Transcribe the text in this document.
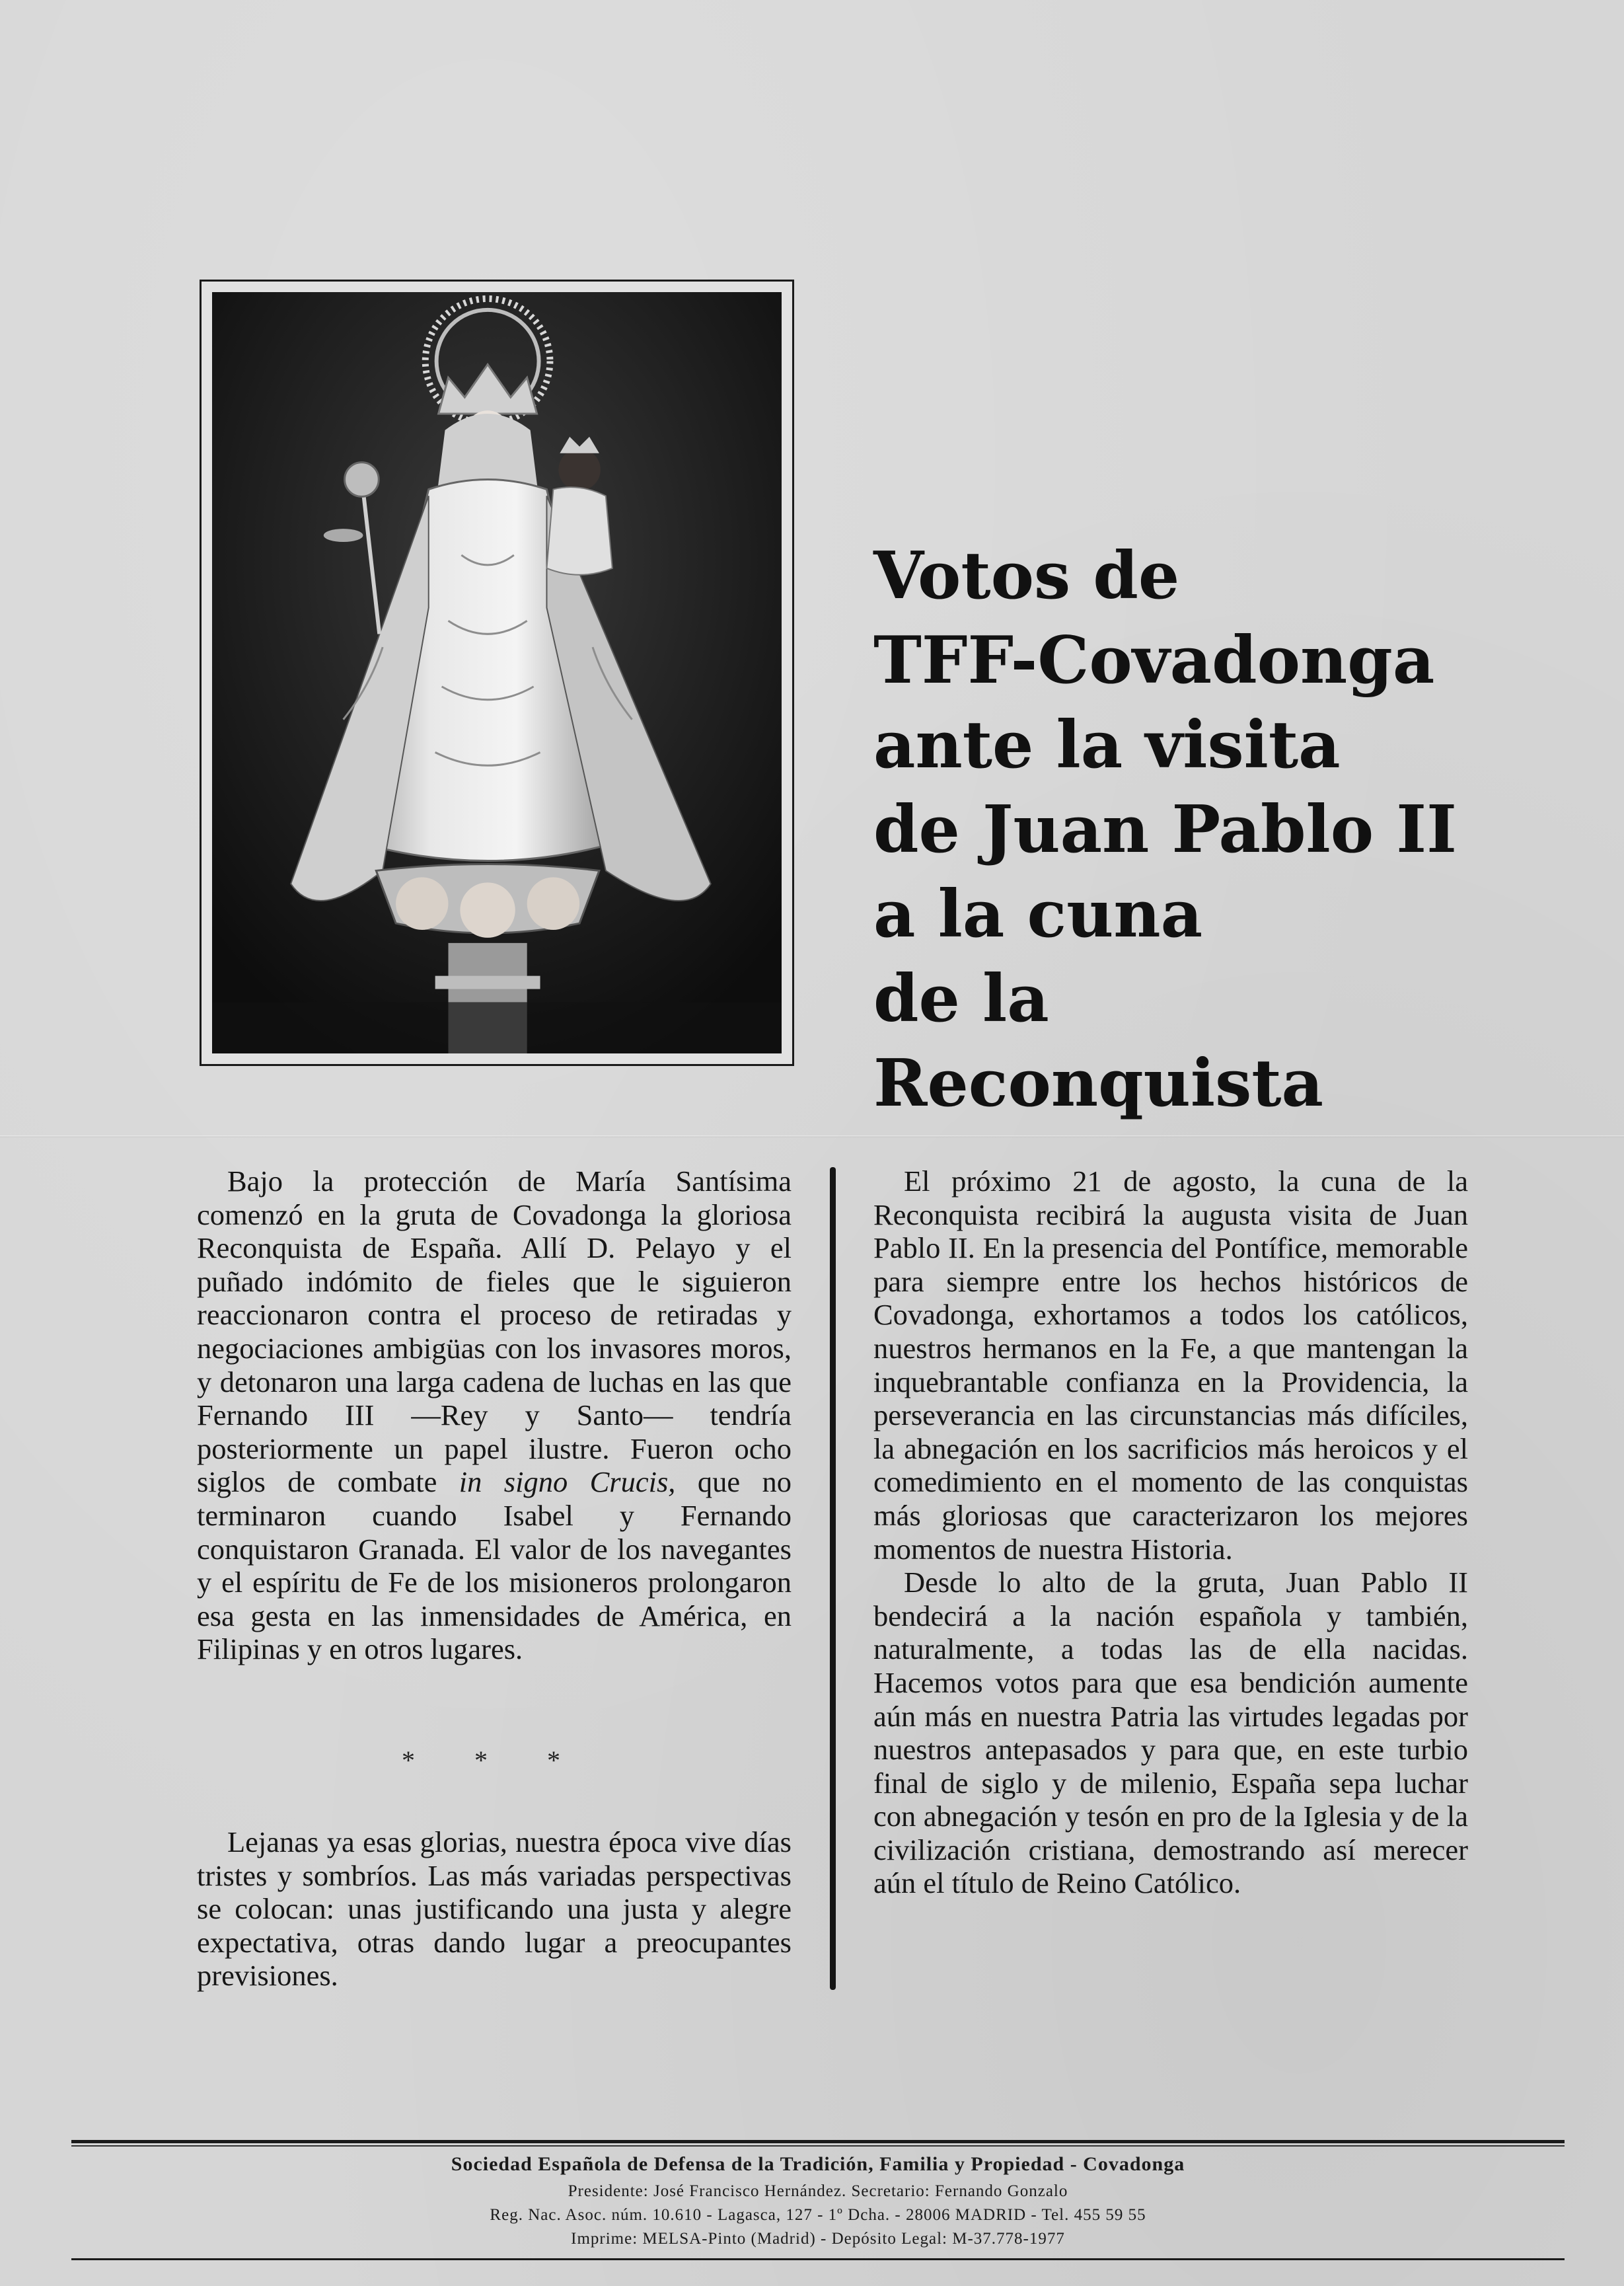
Votos de
TFF-Covadonga
ante la visita
de Juan Pablo II
a la cuna
de la
Reconquista

Bajo la protección de María Santísima comenzó en la gruta de Covadonga la gloriosa Reconquista de España. Allí D. Pelayo y el puñado indómito de fieles que le siguieron reaccionaron contra el proceso de retiradas y negociaciones ambigüas con los invasores moros, y detonaron una larga cadena de luchas en las que Fernando III —Rey y Santo— tendría posteriormente un papel ilustre. Fueron ocho siglos de combate in signo Crucis, que no terminaron cuando Isabel y Fernando conquistaron Granada. El valor de los navegantes y el espíritu de Fe de los misioneros prolongaron esa gesta en las inmensidades de América, en Filipinas y en otros lugares.

* * *

Lejanas ya esas glorias, nuestra época vive días tristes y sombríos. Las más variadas perspectivas se colocan: unas justificando una justa y alegre expectativa, otras dando lugar a preocupantes previsiones.

El próximo 21 de agosto, la cuna de la Reconquista recibirá la augusta visita de Juan Pablo II. En la presencia del Pontífice, memorable para siempre entre los hechos históricos de Covadonga, exhortamos a todos los católicos, nuestros hermanos en la Fe, a que mantengan la inquebrantable confianza en la Providencia, la perseverancia en las circunstancias más difíciles, la abnegación en los sacrificios más heroicos y el comedimiento en el momento de las conquistas más gloriosas que caracterizaron los mejores momentos de nuestra Historia.

Desde lo alto de la gruta, Juan Pablo II bendecirá a la nación española y también, naturalmente, a todas las de ella nacidas. Hacemos votos para que esa bendición aumente aún más en nuestra Patria las virtudes legadas por nuestros antepasados y para que, en este turbio final de siglo y de milenio, España sepa luchar con abnegación y tesón en pro de la Iglesia y de la civilización cristiana, demostrando así merecer aún el título de Reino Católico.

Sociedad Española de Defensa de la Tradición, Familia y Propiedad - Covadonga
Presidente: José Francisco Hernández. Secretario: Fernando Gonzalo
Reg. Nac. Asoc. núm. 10.610 - Lagasca, 127 - 1º Dcha. - 28006 MADRID - Tel. 455 59 55
Imprime: MELSA-Pinto (Madrid) - Depósito Legal: M-37.778-1977
